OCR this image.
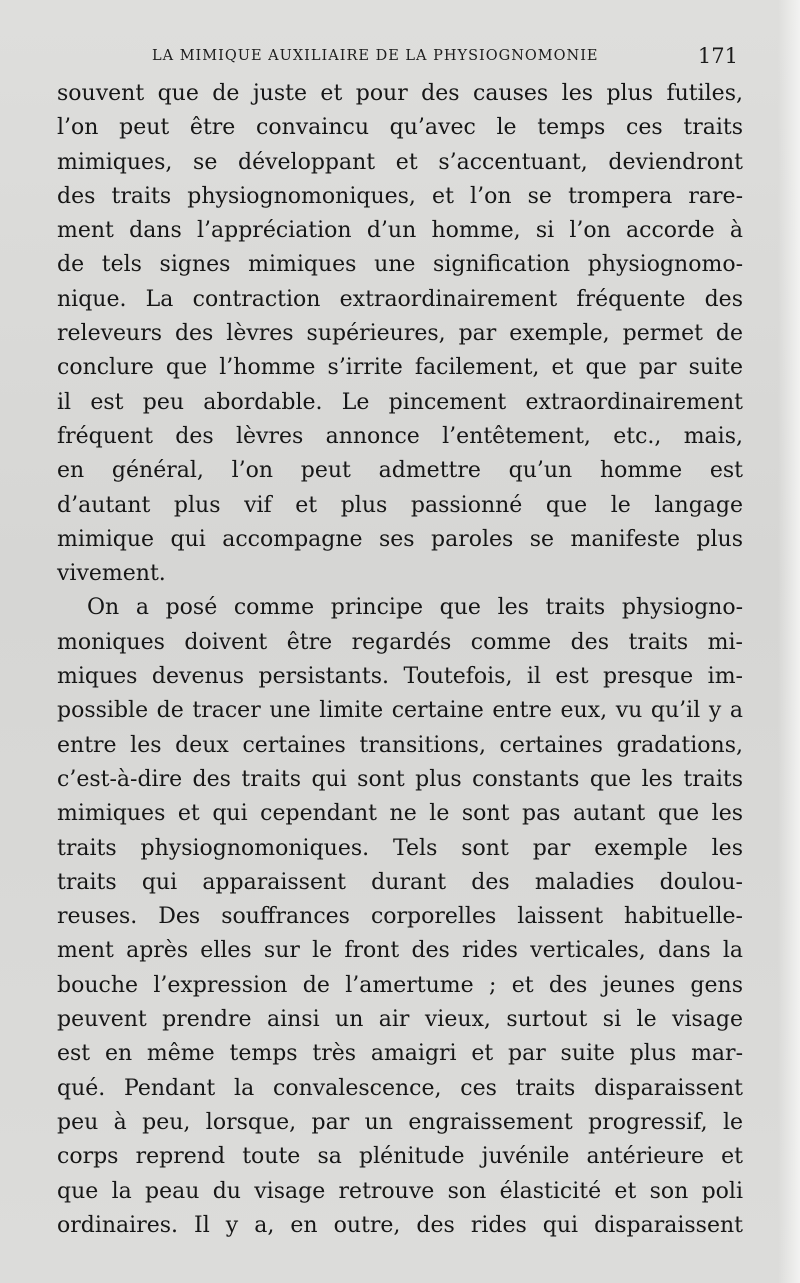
LA MIMIQUE AUXILIAIRE DE LA PHYSIOGNOMONIE	171
souvent que de juste et pour des causes les plus futiles,
l’on peut être convaincu qu’avec le temps ces traits
mimiques, se développant et s’accentuant, deviendront
des traits physiognomoniques, et l’on se trompera rare-
ment dans l’appréciation d’un homme, si l’on accorde à
de tels signes mimiques une signification physiognomo-
nique. La contraction extraordinairement fréquente des
releveurs des lèvres supérieures, par exemple, permet de
conclure que l’homme s’irrite facilement, et que par suite
il est peu abordable. Le pincement extraordinairement
fréquent des lèvres annonce l’entêtement, etc., mais,
en général, l’on peut admettre qu’un homme est
d’autant plus vif et plus passionné que le langage
mimique qui accompagne ses paroles se manifeste plus
vivement.
On a posé comme principe que les traits physiogno-
moniques doivent être regardés comme des traits mi-
miques devenus persistants. Toutefois, il est presque im-
possible de tracer une limite certaine entre eux, vu qu’il y a
entre les deux certaines transitions, certaines gradations,
c’est-à-dire des traits qui sont plus constants que les traits
mimiques et qui cependant ne le sont pas autant que les
traits physiognomoniques. Tels sont par exemple les
traits qui apparaissent durant des maladies doulou-
reuses. Des souffrances corporelles laissent habituelle-
ment après elles sur le front des rides verticales, dans la
bouche l’expression de l’amertume ; et des jeunes gens
peuvent prendre ainsi un air vieux, surtout si le visage
est en même temps très amaigri et par suite plus mar-
qué. Pendant la convalescence, ces traits disparaissent
peu à peu, lorsque, par un engraissement progressif, le
corps reprend toute sa plénitude juvénile antérieure et
que la peau du visage retrouve son élasticité et son poli
ordinaires. Il y a, en outre, des rides qui disparaissent
